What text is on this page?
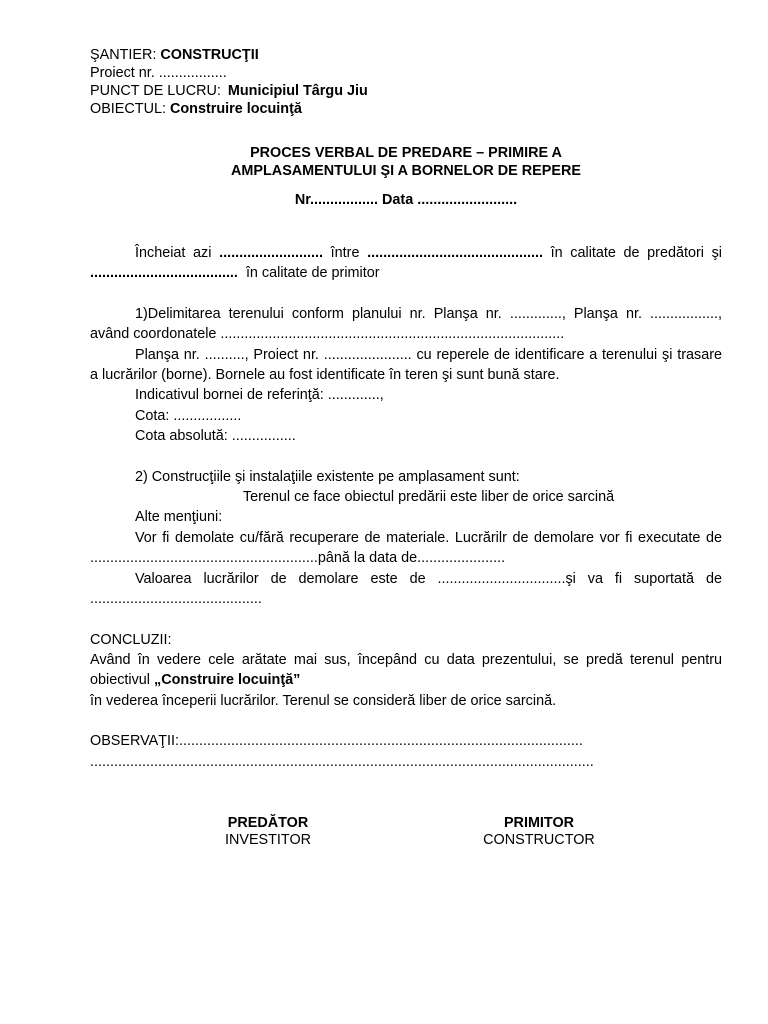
ŞANTIER: CONSTRUCŢII
Proiect nr. .................
PUNCT DE LUCRU: Municipiul Târgu Jiu
OBIECTUL: Construire locuinţă
PROCES VERBAL DE PREDARE – PRIMIRE A
AMPLASAMENTULUI ŞI A BORNELOR DE REPERE
Nr................. Data .........................

Încheiat azi .......................... între ............................................ în calitate de predători şi ..................................... în calitate de primitor

1)Delimitarea terenului conform planului nr. Planşa nr. ............., Planşa nr. ................., având coordonatele ......................................................................................

Planşa nr. .........., Proiect nr. ...................... cu reperele de identificare a terenului şi trasare a lucrărilor (borne). Bornele au fost identificate în teren şi sunt bună stare.

Indicativul bornei de referinţă: .............,
Cota: .................
Cota absolută: ................
2) Construcţiile şi instalaţiile existente pe amplasament sunt:
Terenul ce face obiectul predării este liber de orice sarcină
Alte menţiuni:

Vor fi demolate cu/fără recuperare de materiale. Lucrărilr de demolare vor fi executate de .........................................................până la data de......................

Valoarea lucrărilor de demolare este de ................................şi va fi suportată de ...........................................

CONCLUZII:

Având în vedere cele arătate mai sus, începând cu data prezentului, se predă terenul pentru obiectivul „Construire locuinţă”

în vederea începerii lucrărilor. Terenul se consideră liber de orice sarcină.
OBSERVAŢII:.....................................................................................................
..............................................................................................................................
PREDĂTOR
INVESTITOR
PRIMITOR
CONSTRUCTOR
